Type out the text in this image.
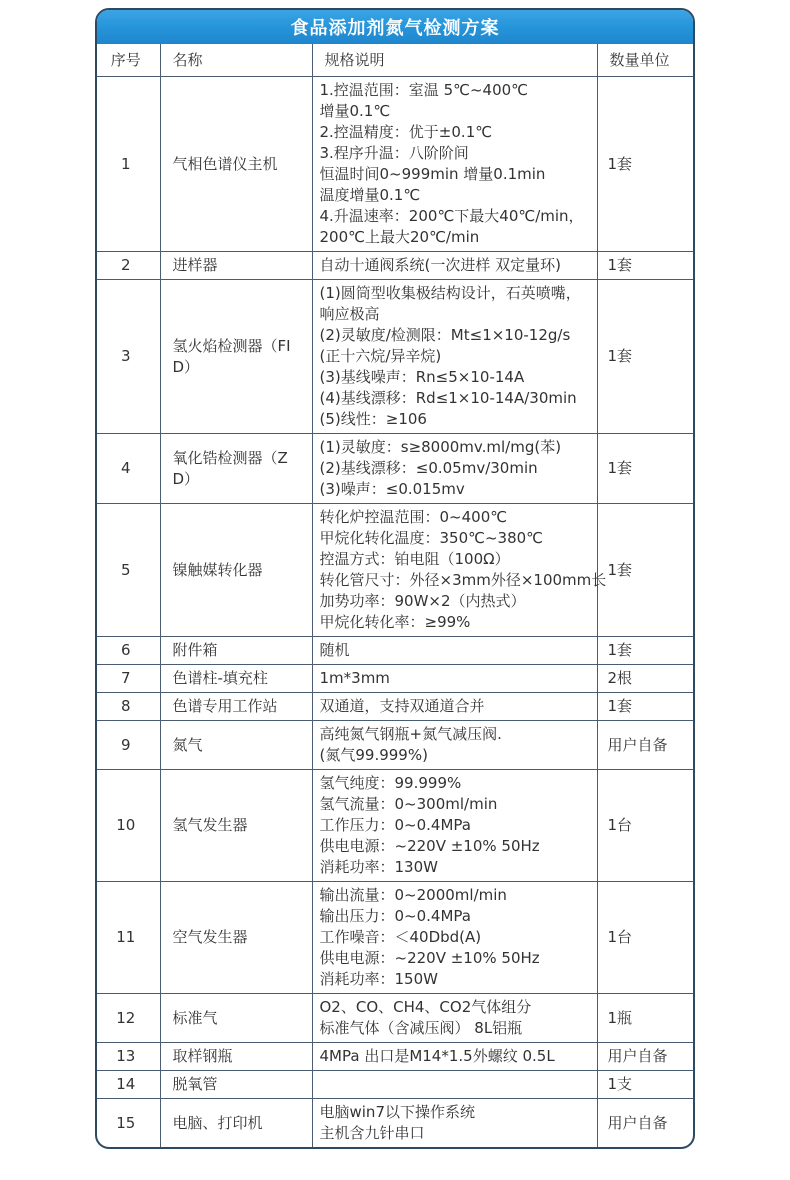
食品添加剂氮气检测方案
序号	名称	规格说明	数量单位
1	气相色谱仪主机	
1.控温范围：室温 5℃~400℃
增量0.1℃
2.控温精度：优于±0.1℃
3.程序升温：八阶阶间
恒温时间0~999min 增量0.1min
温度增量0.1℃
4.升温速率：200℃下最大40℃/min，
200℃上最大20℃/min
	1套
2	进样器	自动十通阀系统(一次进样 双定量环)	1套
3	氢火焰检测器（FID）	
(1)圆筒型收集极结构设计，石英喷嘴，
响应极高
(2)灵敏度/检测限：Mt≤1×10-12g/s
(正十六烷/异辛烷)
(3)基线噪声：Rn≤5×10-14A
(4)基线漂移：Rd≤1×10-14A/30min
(5)线性：≥106
	1套
4	氧化锆检测器（ZD）	(1)灵敏度：s≥8000mv.ml/mg(苯)
(2)基线漂移：≤0.05mv/30min
(3)噪声：≤0.015mv	1套
5	镍触媒转化器	
转化炉控温范围：0~400℃
甲烷化转化温度：350℃~380℃
控温方式：铂电阻（100Ω）
转化管尺寸：外径×3mm外径×100mm长
加势功率：90W×2（内热式）
甲烷化转化率：≥99%
	1套
6	附件箱	随机	1套
7	色谱柱-填充柱	1m*3mm	2根
8	色谱专用工作站	双通道，支持双通道合并	1套
9	氮气	高纯氮气钢瓶+氮气减压阀.
(氮气99.999%)	用户自备
10	氢气发生器	氢气纯度：99.999%
氢气流量：0~300ml/min
工作压力：0~0.4MPa
供电电源：~220V ±10% 50Hz
消耗功率：130W	1台
11	空气发生器	输出流量：0~2000ml/min
输出压力：0~0.4MPa
工作噪音：＜40Dbd(A)
供电电源：~220V ±10% 50Hz
消耗功率：150W	1台
12	标准气	O2、CO、CH4、CO2气体组分
标准气体（含减压阀） 8L铝瓶	1瓶
13	取样钢瓶	4MPa 出口是M14*1.5外螺纹 0.5L	用户自备
14	脱氧管		1支
15	电脑、打印机	电脑win7以下操作系统
主机含九针串口	用户自备
